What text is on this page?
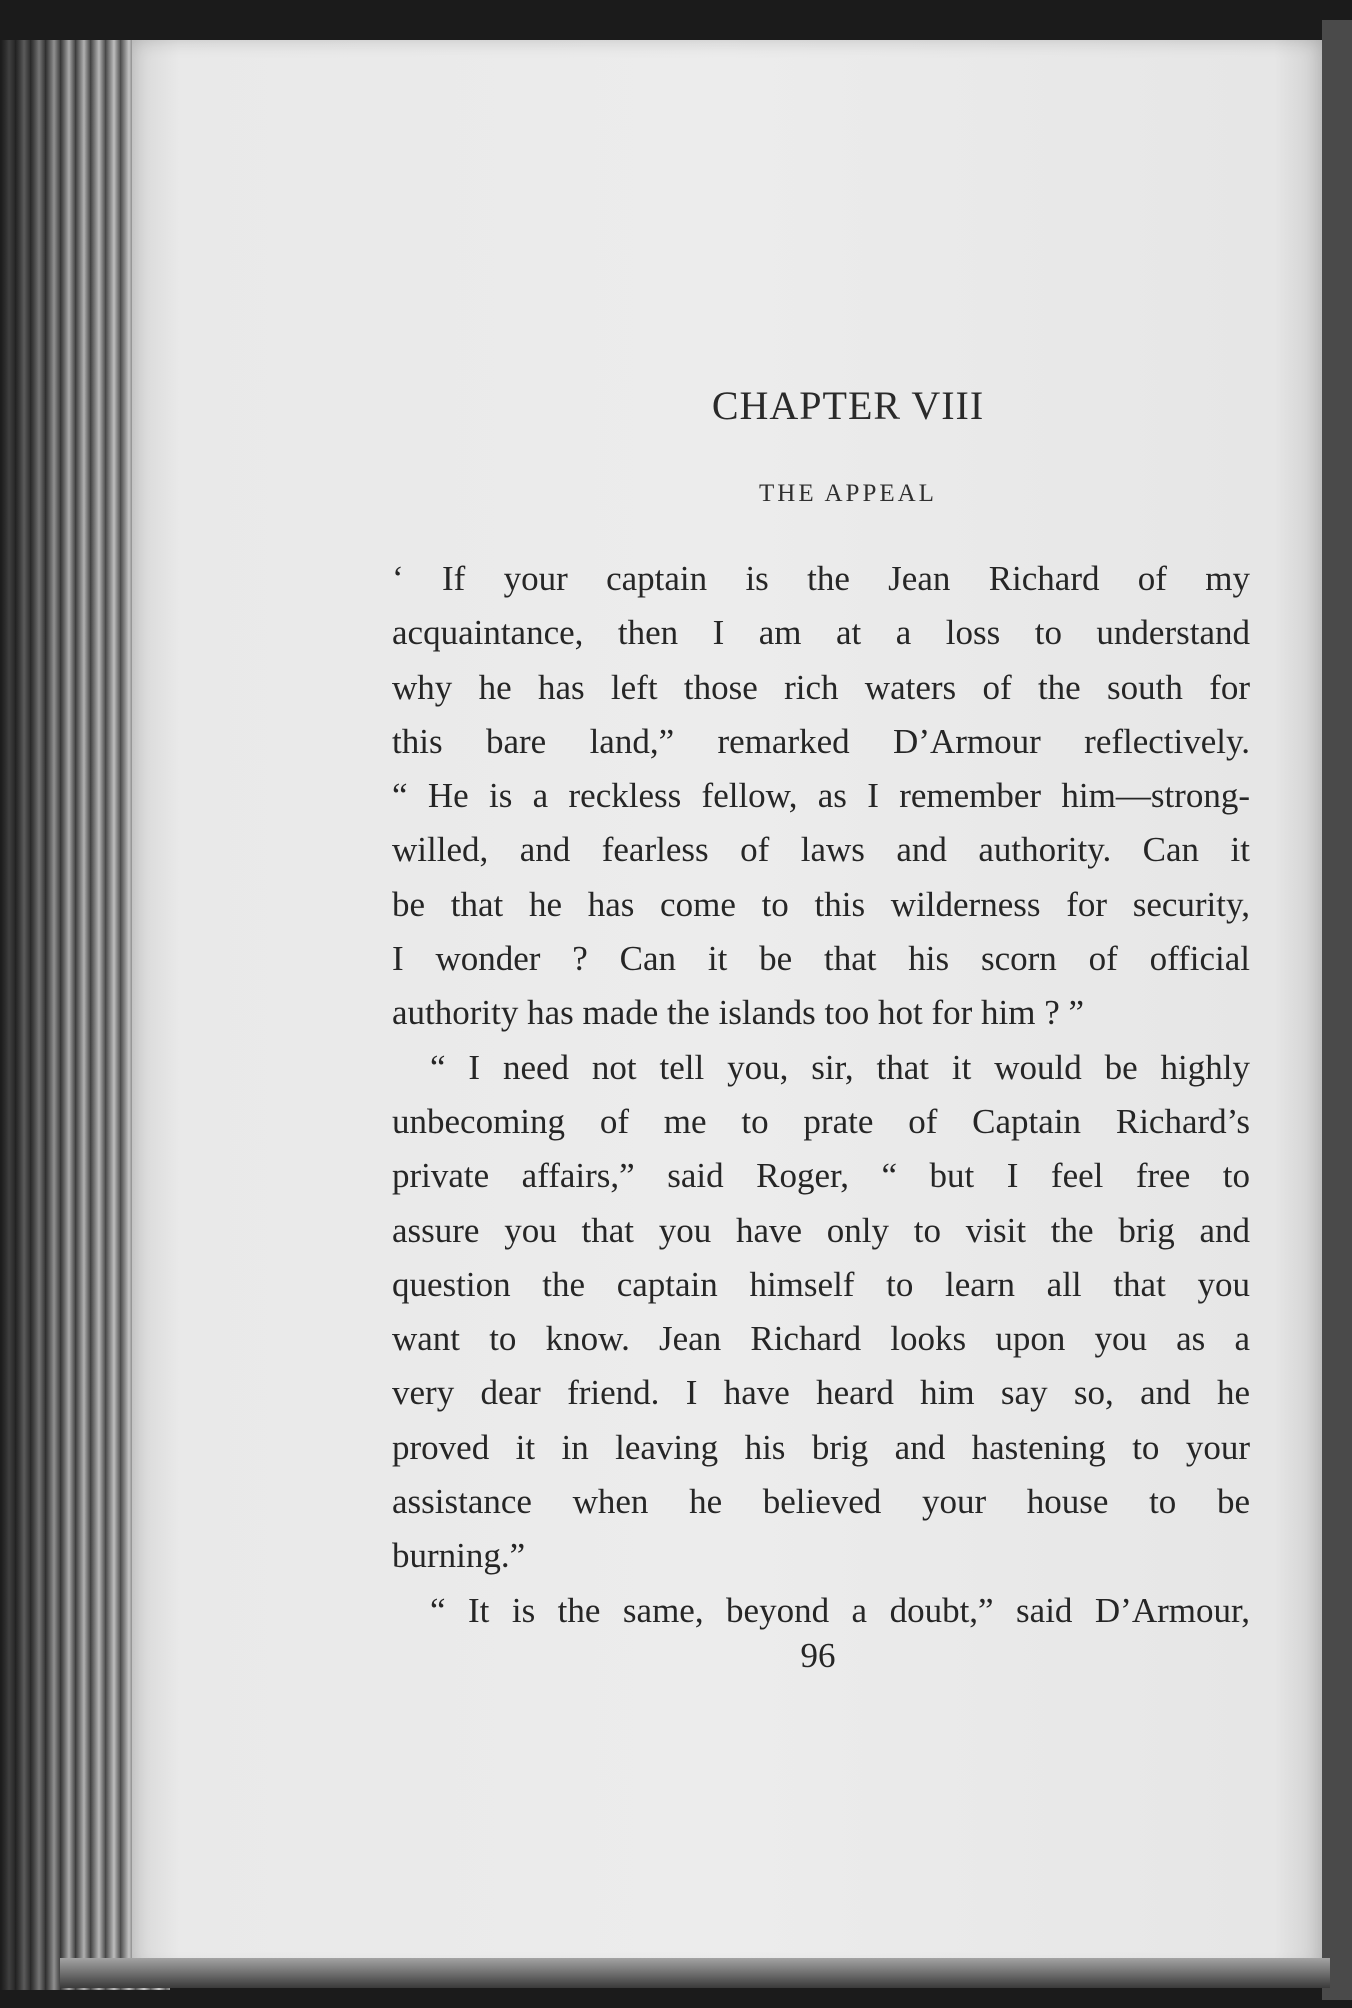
CHAPTER VIII
THE APPEAL
‘ If your captain is the Jean Richard of my
acquaintance, then I am at a loss to understand
why he has left those rich waters of the south for
this bare land,” remarked D’Armour reflectively.
“ He is a reckless fellow, as I remember him—strong-
willed, and fearless of laws and authority. Can it
be that he has come to this wilderness for security,
I wonder ? Can it be that his scorn of official
authority has made the islands too hot for him ? ”
“ I need not tell you, sir, that it would be highly
unbecoming of me to prate of Captain Richard’s
private affairs,” said Roger, “ but I feel free to
assure you that you have only to visit the brig and
question the captain himself to learn all that you
want to know. Jean Richard looks upon you as a
very dear friend. I have heard him say so, and he
proved it in leaving his brig and hastening to your
assistance when he believed your house to be
burning.”
“ It is the same, beyond a doubt,” said D’Armour,
96
